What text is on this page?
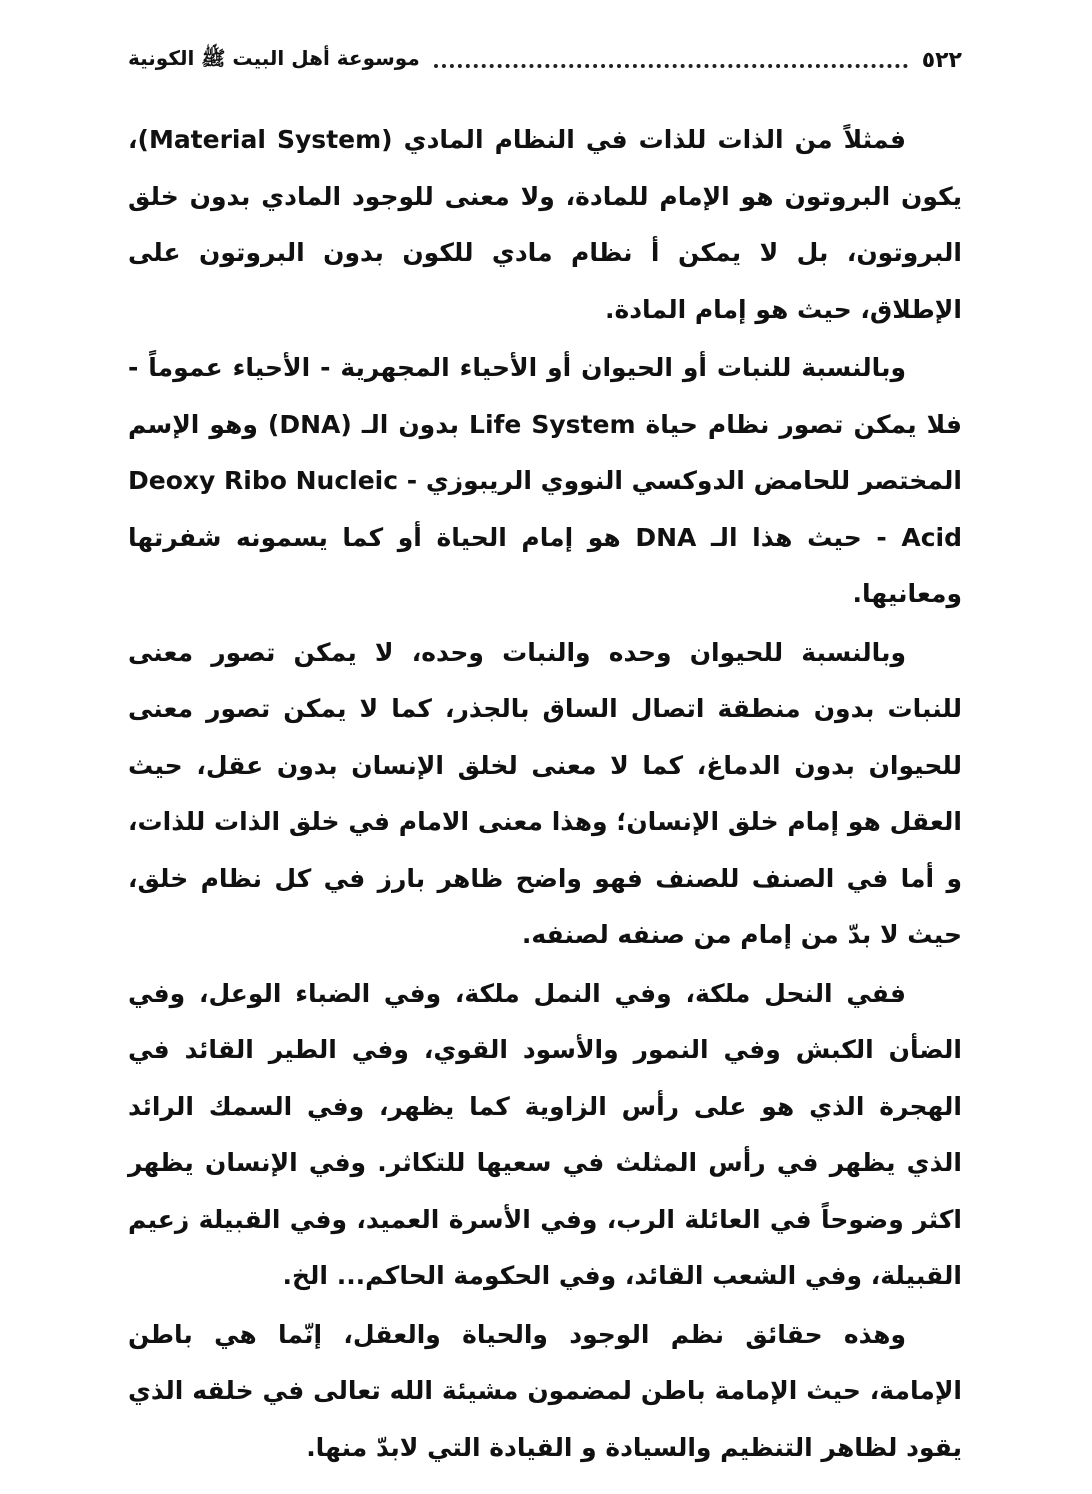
٥٢٢
موسوعة أهل البيت ﷺ الكونية

فمثلاً من الذات للذات في النظام المادي (Material System)، يكون البروتون هو الإمام للمادة، ولا معنى للوجود المادي بدون خلق البروتون، بل لا يمكن أ نظام مادي للكون بدون البروتون على الإطلاق، حيث هو إمام المادة.

وبالنسبة للنبات أو الحيوان أو الأحياء المجهرية - الأحياء عموماً - فلا يمكن تصور نظام حياة Life System بدون الـ (DNA) وهو الإسم المختصر للحامض الدوكسي النووي الريبوزي - Deoxy Ribo Nucleic Acid - حيث هذا الـ DNA هو إمام الحياة أو كما يسمونه شفرتها ومعانيها.

وبالنسبة للحيوان وحده والنبات وحده، لا يمكن تصور معنى للنبات بدون منطقة اتصال الساق بالجذر، كما لا يمكن تصور معنى للحيوان بدون الدماغ، كما لا معنى لخلق الإنسان بدون عقل، حيث العقل هو إمام خلق الإنسان؛ وهذا معنى الامام في خلق الذات للذات، و أما في الصنف للصنف فهو واضح ظاهر بارز في كل نظام خلق، حيث لا بدّ من إمام من صنفه لصنفه.

ففي النحل ملكة، وفي النمل ملكة، وفي الضباء الوعل، وفي الضأن الكبش وفي النمور والأسود القوي، وفي الطير القائد في الهجرة الذي هو على رأس الزاوية كما يظهر، وفي السمك الرائد الذي يظهر في رأس المثلث في سعيها للتكاثر. وفي الإنسان يظهر اكثر وضوحاً في العائلة الرب، وفي الأسرة العميد، وفي القبيلة زعيم القبيلة، وفي الشعب القائد، وفي الحكومة الحاكم... الخ.

وهذه حقائق نظم الوجود والحياة والعقل، إنّما هي باطن الإمامة، حيث الإمامة باطن لمضمون مشيئة الله تعالى في خلقه الذي يقود لظاهر التنظيم والسيادة و القيادة التي لابدّ منها.
